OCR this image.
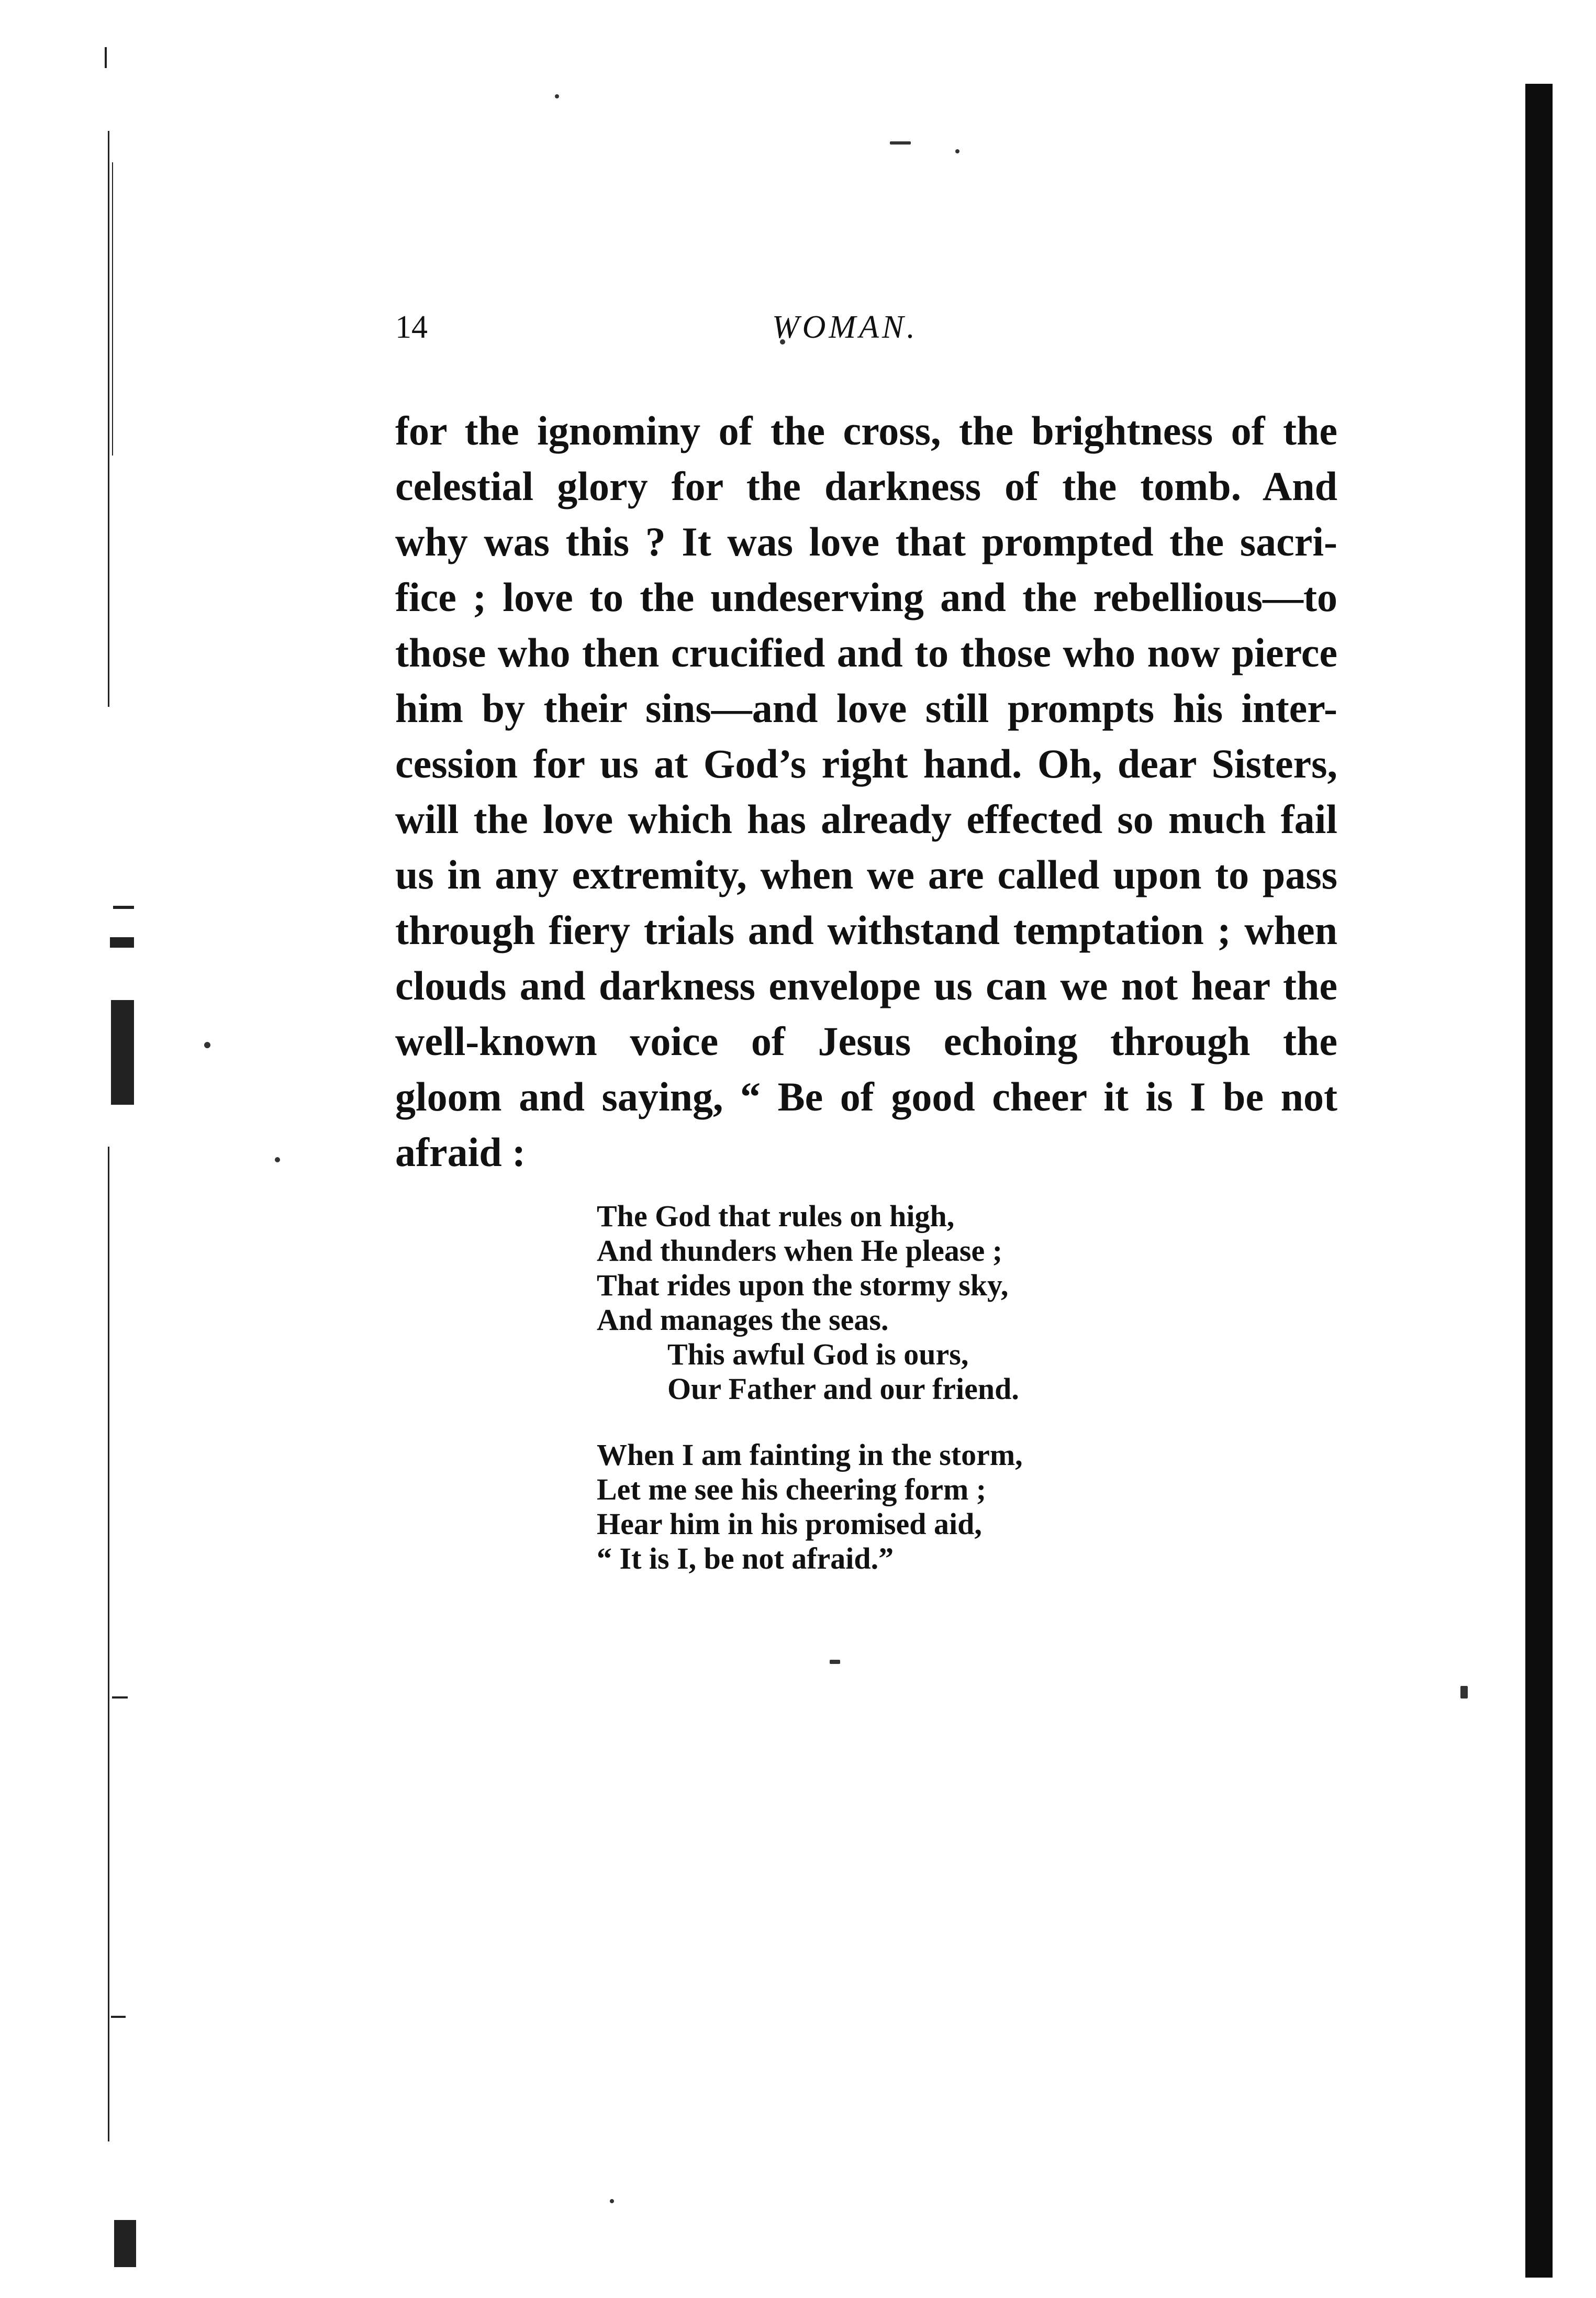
14	WOMAN.
for the ignominy of the cross, the brightness of the
celestial glory for the darkness of the tomb. And
why was this ? It was love that prompted the sacri-
fice ; love to the undeserving and the rebellious—to
those who then crucified and to those who now pierce
him by their sins—and love still prompts his inter-
cession for us at God’s right hand. Oh, dear Sisters,
will the love which has already effected so much fail
us in any extremity, when we are called upon to pass
through fiery trials and withstand temptation ; when
clouds and darkness envelope us can we not hear the
well-known voice of Jesus echoing through the
gloom and saying, “ Be of good cheer it is I be not
afraid :
The God that rules on high,
And thunders when He please ;
That rides upon the stormy sky,
And manages the seas.
This awful God is ours,
Our Father and our friend.
When I am fainting in the storm,
Let me see his cheering form ;
Hear him in his promised aid,
“ It is I, be not afraid.”
